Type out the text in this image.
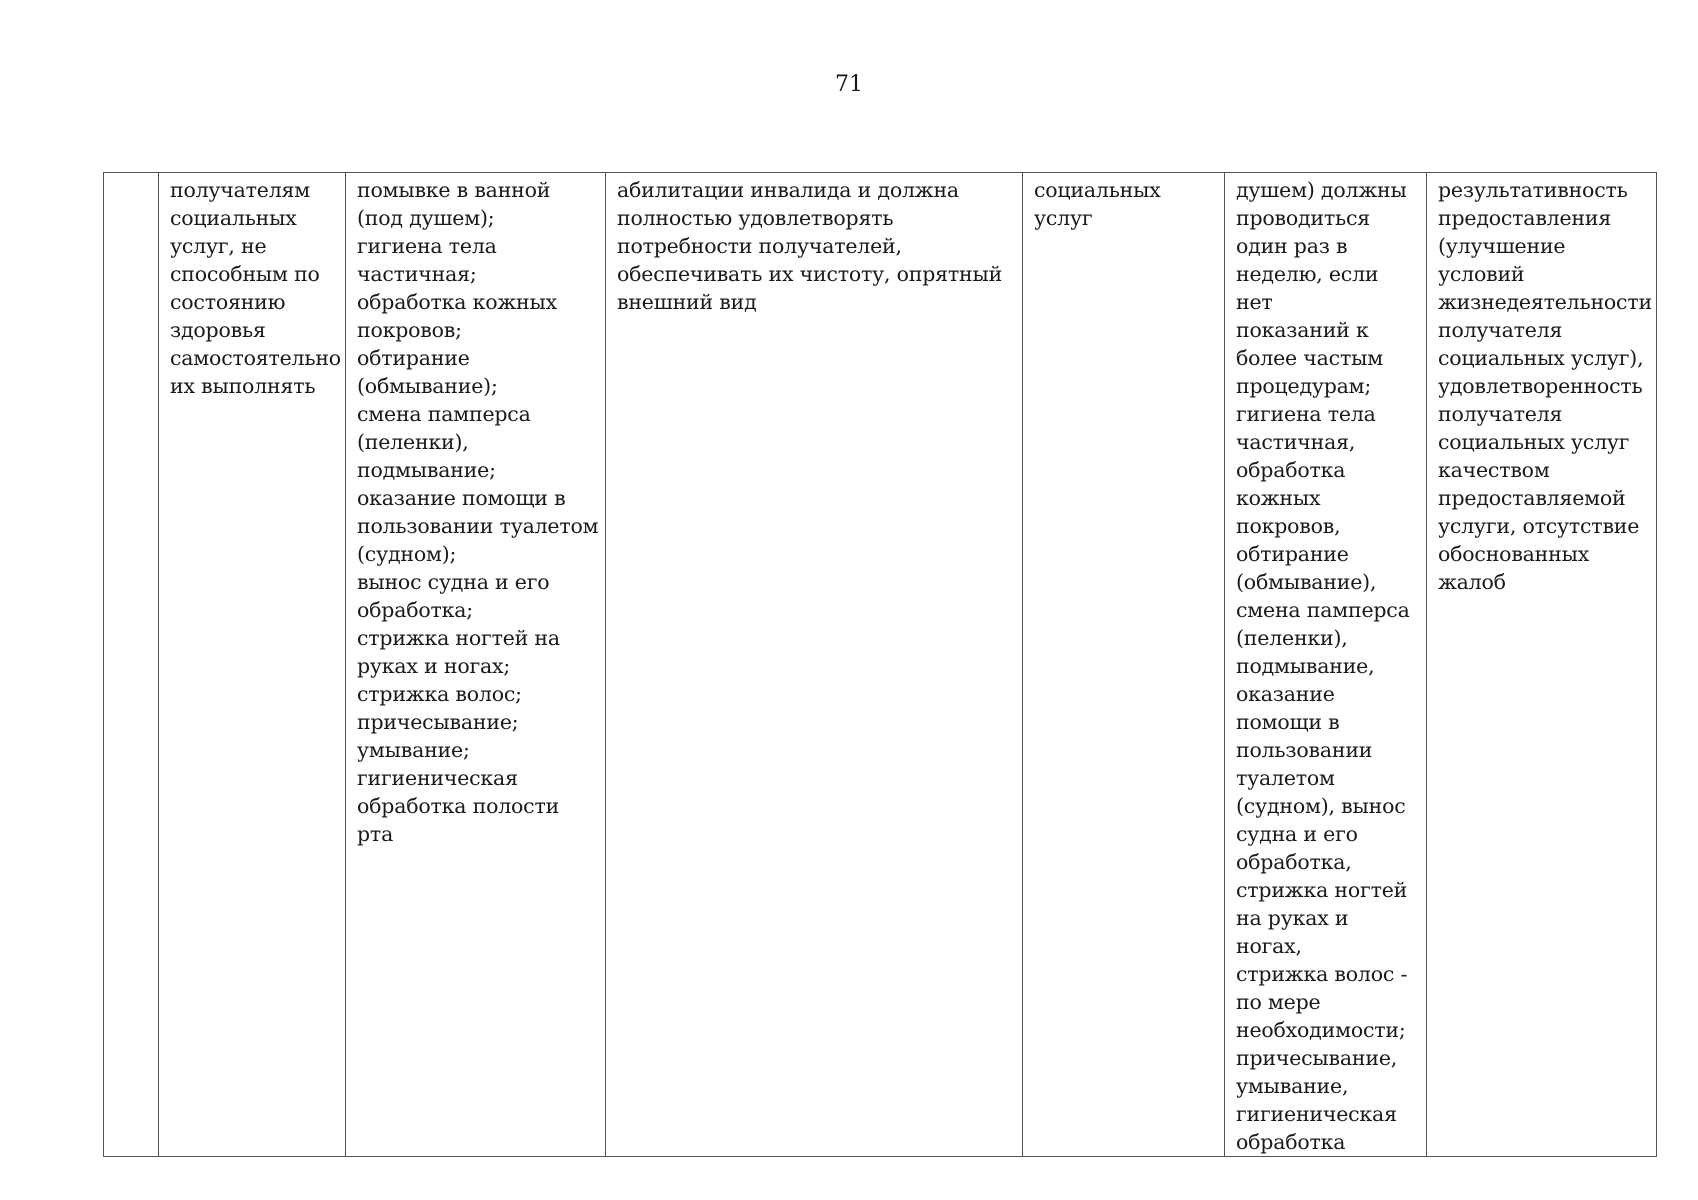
71
	получателям
социальных
услуг, не
способным по
состоянию
здоровья
самостоятельно
их выполнять	помывке в ванной
(под душем);
гигиена тела
частичная;
обработка кожных
покровов;
обтирание
(обмывание);
смена памперса
(пеленки),
подмывание;
оказание помощи в
пользовании туалетом
(судном);
вынос судна и его
обработка;
стрижка ногтей на
руках и ногах;
стрижка волос;
причесывание;
умывание;
гигиеническая
обработка полости рта	абилитации инвалида и должна
полностью удовлетворять
потребности получателей,
обеспечивать их чистоту, опрятный
внешний вид	социальных
услуг	душем) должны
проводиться
один раз в
неделю, если нет
показаний к
более частым
процедурам;
гигиена тела
частичная,
обработка
кожных
покровов,
обтирание
(обмывание),
смена памперса
(пеленки),
подмывание,
оказание
помощи в
пользовании
туалетом
(судном), вынос
судна и его
обработка,
стрижка ногтей
на руках и ногах,
стрижка волос -
по мере
необходимости;
причесывание,
умывание,
гигиеническая
обработка	результативность
предоставления
(улучшение
условий
жизнедеятельности
получателя
социальных услуг),
удовлетворенность
получателя
социальных услуг
качеством
предоставляемой
услуги, отсутствие
обоснованных
жалоб
